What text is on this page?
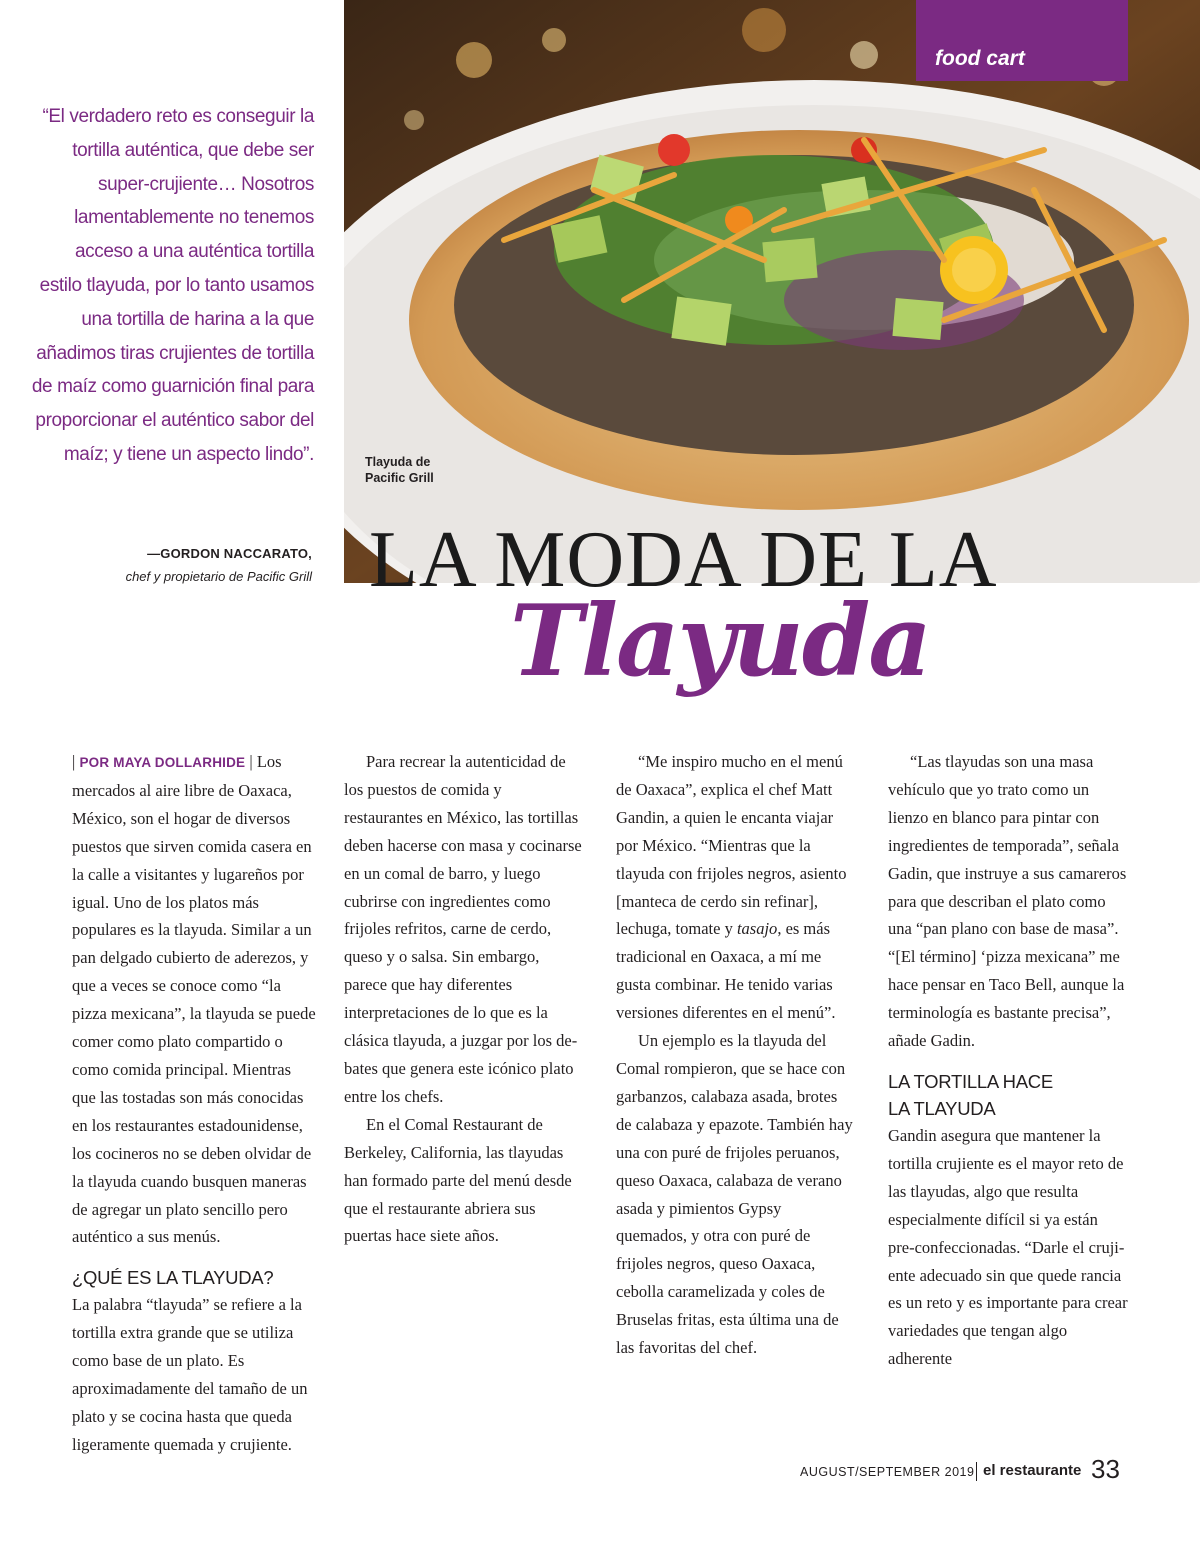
Tlayuda de
Pacific Grill
food cart
“El verdadero reto es conseguir la tortilla auténtica, que debe ser super-crujiente… Nosotros lamentablemente no tenemos acceso a una auténtica tortilla estilo tlayuda, por lo tanto usamos una tortilla de harina a la que añadimos tiras crujientes de tortilla de maíz como guarnición final para proporcionar el auténtico sabor del maíz; y tiene un aspecto lindo”.
—GORDON NACCARATO,
chef y propietario de Pacific Grill LA MODA DE LA
Tlayuda

| POR MAYA DOLLARHIDE | Los mercados al aire libre de Oaxaca, México, son el hogar de diversos puestos que sirven comida casera en la calle a visitantes y lugareños por igual. Uno de los platos más populares es la tlayuda. Similar a un pan delgado cubierto de aderezos, y que a veces se conoce como “la pizza mexicana”, la tlayuda se puede comer como plato compartido o como comida principal. Mientras que las tostadas son más conocidas en los restaurantes estadounidense, los cocineros no se deben olvidar de la tlayuda cuando busquen maneras de agregar un plato sencillo pero auténtico a sus menús.

¿QUÉ ES LA TLAYUDA?

La palabra “tlayuda” se refiere a la tortilla extra grande que se utiliza como base de un plato. Es aproximadamente del tamaño de un plato y se cocina hasta que queda ligeramente quemada y crujiente.

Para recrear la autenticidad de los puestos de comida y restaurantes en México, las tortillas deben hacerse con masa y cocinarse en un comal de barro, y luego cubrirse con ingredientes como frijoles refritos, carne de cerdo, queso y o salsa. Sin embargo, parece que hay diferentes interpretaciones de lo que es la clásica tlayuda, a juzgar por los debates que genera este icónico plato entre los chefs.

En el Comal Restaurant de Berkeley, California, las tlayudas han formado parte del menú desde que el restaurante abriera sus puertas hace siete años.

“Me inspiro mucho en el menú de Oaxaca”, explica el chef Matt Gandin, a quien le encanta viajar por México. “Mientras que la tlayuda con frijoles negros, asiento [manteca de cerdo sin refinar], lechuga, tomate y tasajo, es más tradicional en Oaxaca, a mí me gusta combinar. He tenido varias versiones diferentes en el menú”.

Un ejemplo es la tlayuda del Comal rompieron, que se hace con garbanzos, calabaza asada, brotes de calabaza y epazote. También hay una con puré de frijoles peruanos, queso Oaxaca, calabaza de verano asada y pimientos Gypsy quemados, y otra con puré de frijoles negros, queso Oaxaca, cebolla caramelizada y coles de Bruselas fritas, esta última una de las favoritas del chef.

“Las tlayudas son una masa vehículo que yo trato como un lienzo en blanco para pintar con ingredientes de temporada”, señala Gadin, que instruye a sus camareros para que describan el plato como una “pan plano con base de masa”. “[El término] ‘pizza mexicana” me hace pensar en Taco Bell, aunque la terminología es bastante precisa”, añade Gadin.

LA TORTILLA HACE
LA TLAYUDA

Gandin asegura que mantener la tortilla crujiente es el mayor reto de las tlayudas, algo que resulta especialmente difícil si ya están pre-confeccionadas. “Darle el crujiente adecuado sin que quede rancia es un reto y es importante para crear variedades que tengan algo adherente

AUGUST/SEPTEMBER 2019 el restaurante 33
